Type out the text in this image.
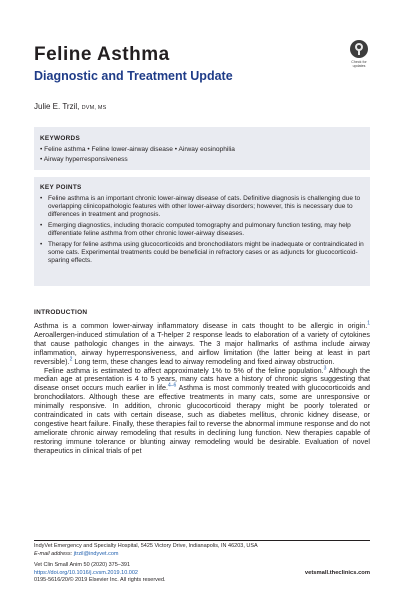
Feline Asthma
Diagnostic and Treatment Update
Check for updates
Julie E. Trzil, DVM, MS
KEYWORDS
• Feline asthma • Feline lower-airway disease • Airway eosinophilia
• Airway hyperresponsiveness
KEY POINTS
• Feline asthma is an important chronic lower-airway disease of cats. Definitive diagnosis is challenging due to overlapping clinicopathologic features with other lower-airway disorders; however, this is necessary due to differences in treatment and prognosis.
• Emerging diagnostics, including thoracic computed tomography and pulmonary function testing, may help differentiate feline asthma from other chronic lower-airway diseases.
• Therapy for feline asthma using glucocorticoids and bronchodilators might be inadequate or contraindicated in some cats. Experimental treatments could be beneficial in refractory cases or as adjuncts for glucocorticoid-sparing effects.
INTRODUCTION

Asthma is a common lower-airway inflammatory disease in cats thought to be allergic in origin.$^1$ Aeroallergen-induced stimulation of a T-helper 2 response leads to elaboration of a variety of cytokines that cause pathologic changes in the airways. The 3 major hallmarks of asthma include airway inflammation, airway hyperresponsiveness, and airflow limitation (the latter being at least in part reversible).$^2$ Long term, these changes lead to airway remodeling and fixed airway obstruction.

Feline asthma is estimated to affect approximately 1% to 5% of the feline population.$^3$ Although the median age at presentation is 4 to 5 years, many cats have a history of chronic signs suggesting that disease onset occurs much earlier in life.$^{4-6}$ Asthma is most commonly treated with glucocorticoids and bronchodilators. Although these are effective treatments in many cats, some are unresponsive or minimally responsive. In addition, chronic glucocorticoid therapy might be poorly tolerated or contraindicated in cats with certain disease, such as diabetes mellitus, chronic kidney disease, or congestive heart failure. Finally, these therapies fail to reverse the abnormal immune response and do not ameliorate chronic airway remodeling that results in declining lung function. New therapies capable of restoring immune tolerance or blunting airway remodeling would be desirable. Evaluation of novel therapeutics in clinical trials of pet

IndyVet Emergency and Specialty Hospital, 5425 Victory Drive, Indianapolis, IN 46203, USA
E-mail address: jtrzil@indyvet.com
Vet Clin Small Anim 50 (2020) 375–391
https://doi.org/10.1016/j.cvsm.2019.10.002
0195-5616/20/© 2019 Elsevier Inc. All rights reserved.
vetsmall.theclinics.com
